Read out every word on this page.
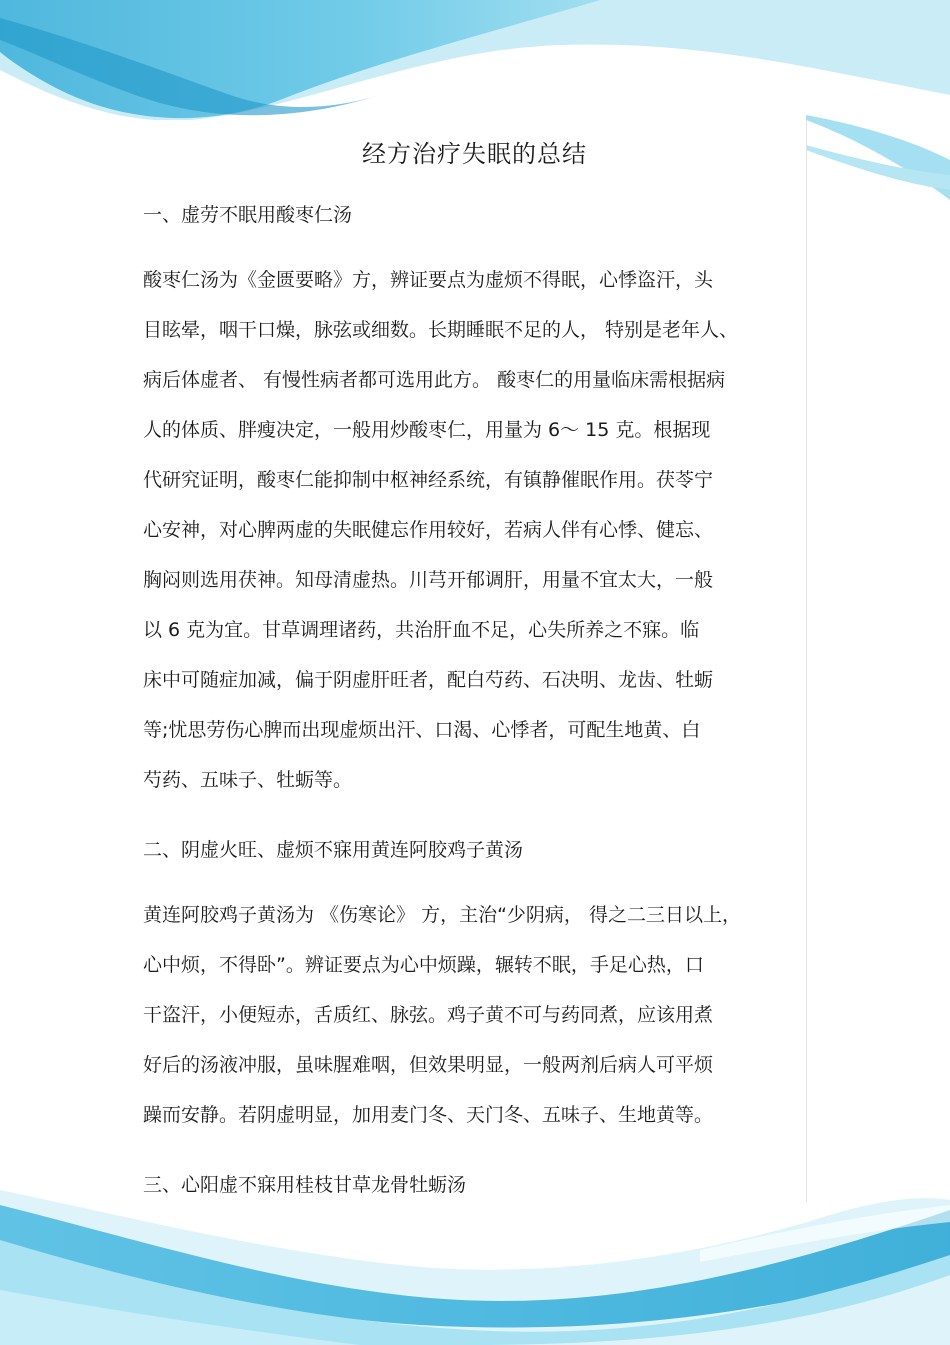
经方治疗失眠的总结
一、虚劳不眠用酸枣仁汤
酸枣仁汤为《金匮要略》方，辨证要点为虚烦不得眠，心悸盗汗，头
目眩晕，咽干口燥，脉弦或细数。长期睡眠不足的人， 特别是老年人、
病后体虚者、 有慢性病者都可选用此方。 酸枣仁的用量临床需根据病
人的体质、胖瘦决定，一般用炒酸枣仁，用量为 6～ 15 克。根据现
代研究证明，酸枣仁能抑制中枢神经系统，有镇静催眠作用。茯苓宁
心安神，对心脾两虚的失眠健忘作用较好，若病人伴有心悸、健忘、
胸闷则选用茯神。知母清虚热。川芎开郁调肝，用量不宜太大，一般
以 6 克为宜。甘草调理诸药，共治肝血不足，心失所养之不寐。临
床中可随症加减，偏于阴虚肝旺者，配白芍药、石决明、龙齿、牡蛎
等;忧思劳伤心脾而出现虚烦出汗、口渴、心悸者，可配生地黄、白
芍药、五味子、牡蛎等。
二、阴虚火旺、虚烦不寐用黄连阿胶鸡子黄汤
黄连阿胶鸡子黄汤为 《伤寒论》 方，主治“少阴病， 得之二三日以上，
心中烦，不得卧”。辨证要点为心中烦躁，辗转不眠，手足心热，口
干盗汗，小便短赤，舌质红、脉弦。鸡子黄不可与药同煮，应该用煮
好后的汤液冲服，虽味腥难咽，但效果明显，一般两剂后病人可平烦
躁而安静。若阴虚明显，加用麦门冬、天门冬、五味子、生地黄等。
三、心阳虚不寐用桂枝甘草龙骨牡蛎汤
